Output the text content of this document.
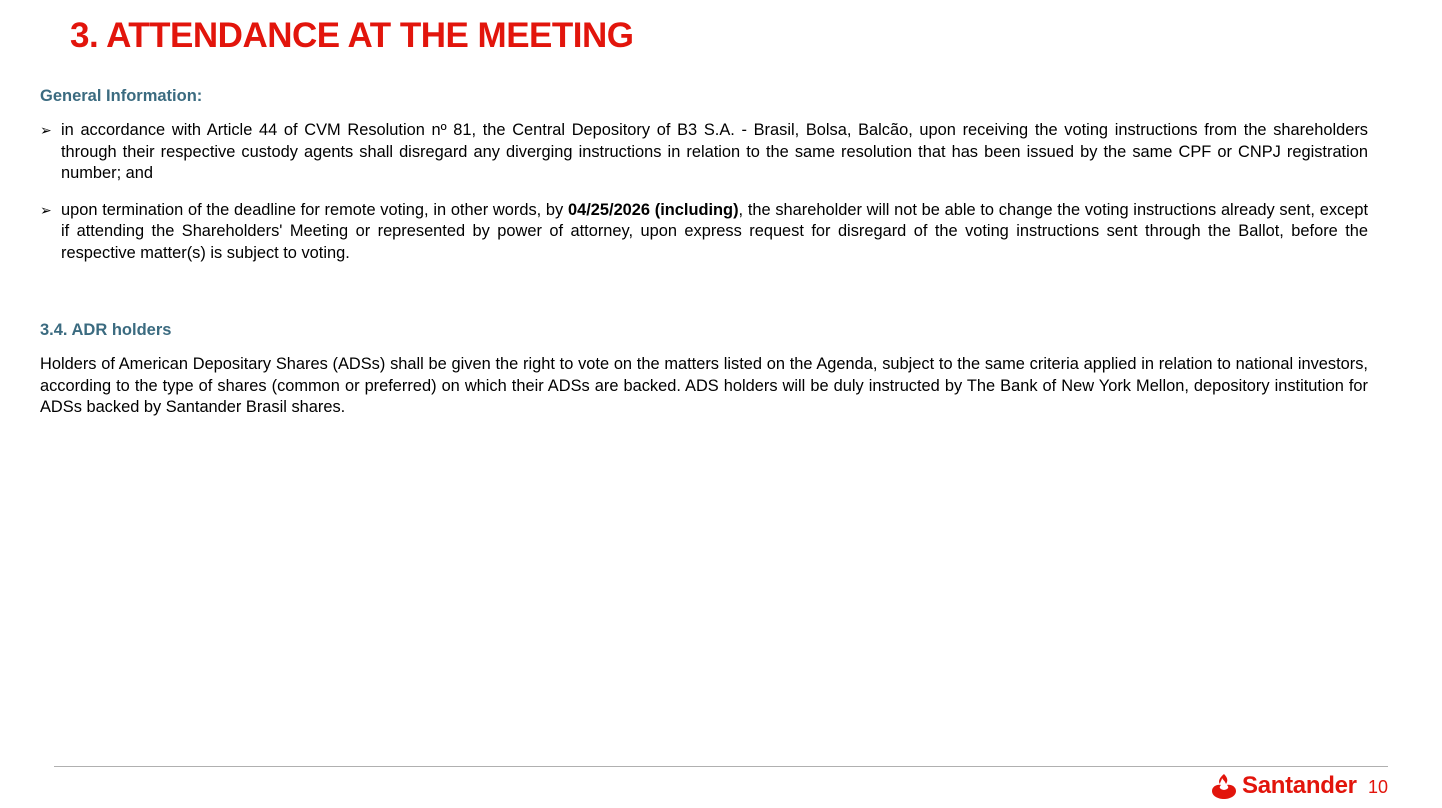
3. ATTENDANCE AT THE MEETING
General Information:
➢ in accordance with Article 44 of CVM Resolution nº 81, the Central Depository of B3 S.A. - Brasil, Bolsa, Balcão, upon receiving the voting instructions from the shareholders through their respective custody agents shall disregard any diverging instructions in relation to the same resolution that has been issued by the same CPF or CNPJ registration number; and
➢ upon termination of the deadline for remote voting, in other words, by 04/25/2026 (including), the shareholder will not be able to change the voting instructions already sent, except if attending the Shareholders' Meeting or represented by power of attorney, upon express request for disregard of the voting instructions sent through the Ballot, before the respective matter(s) is subject to voting.
3.4. ADR holders

Holders of American Depositary Shares (ADSs) shall be given the right to vote on the matters listed on the Agenda, subject to the same criteria applied in relation to national investors, according to the type of shares (common or preferred) on which their ADSs are backed. ADS holders will be duly instructed by The Bank of New York Mellon, depository institution for ADSs backed by Santander Brasil shares.

Santander 10
